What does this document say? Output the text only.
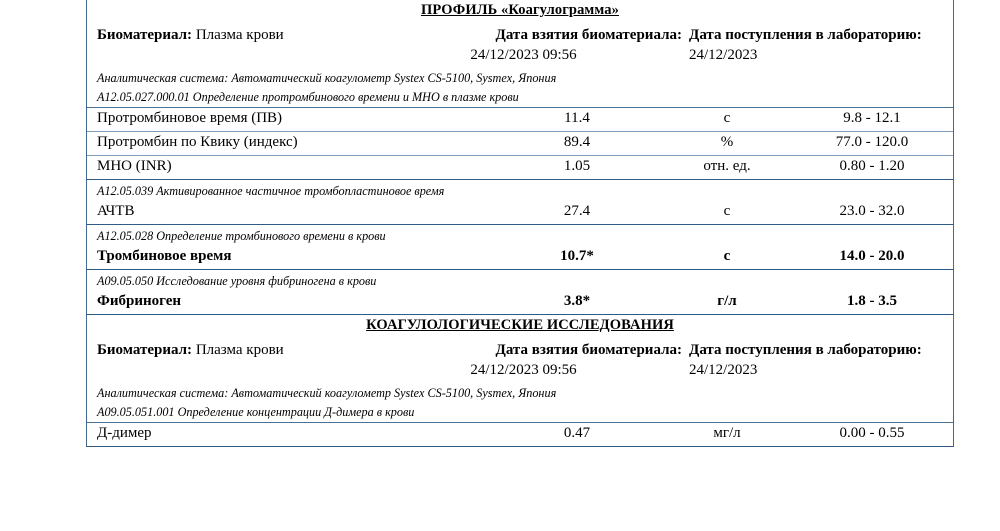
ПРОФИЛЬ «Коагулограмма»
Биоматериал: Плазма крови	Дата взятия биоматериала:
24/12/2023 09:56
Дата поступления в лабораторию:
24/12/2023
Аналитическая система: Автоматический коагулометр Systex CS-5100, Sysmex, Япония
A12.05.027.000.01 Определение протромбинового времени и МНО в плазме крови
Протромбиновое время (ПВ)	11.4	с	9.8 - 12.1
Протромбин по Квику (индекс)	89.4	%	77.0 - 120.0
МНО (INR)	1.05	отн. ед.	0.80 - 1.20
A12.05.039 Активированное частичное тромбопластиновое время
АЧТВ	27.4	с	23.0 - 32.0
A12.05.028 Определение тромбинового времени в крови
Тромбиновое время	10.7*	с	14.0 - 20.0
A09.05.050 Исследование уровня фибриногена в крови
Фибриноген	3.8*	г/л	1.8 - 3.5
КОАГУЛОЛОГИЧЕСКИЕ ИССЛЕДОВАНИЯ
Биоматериал: Плазма крови	Дата взятия биоматериала:
24/12/2023 09:56
Дата поступления в лабораторию:
24/12/2023
Аналитическая система: Автоматический коагулометр Systex CS-5100, Sysmex, Япония
A09.05.051.001 Определение концентрации Д-димера в крови
Д-димер	0.47	мг/л	0.00 - 0.55
